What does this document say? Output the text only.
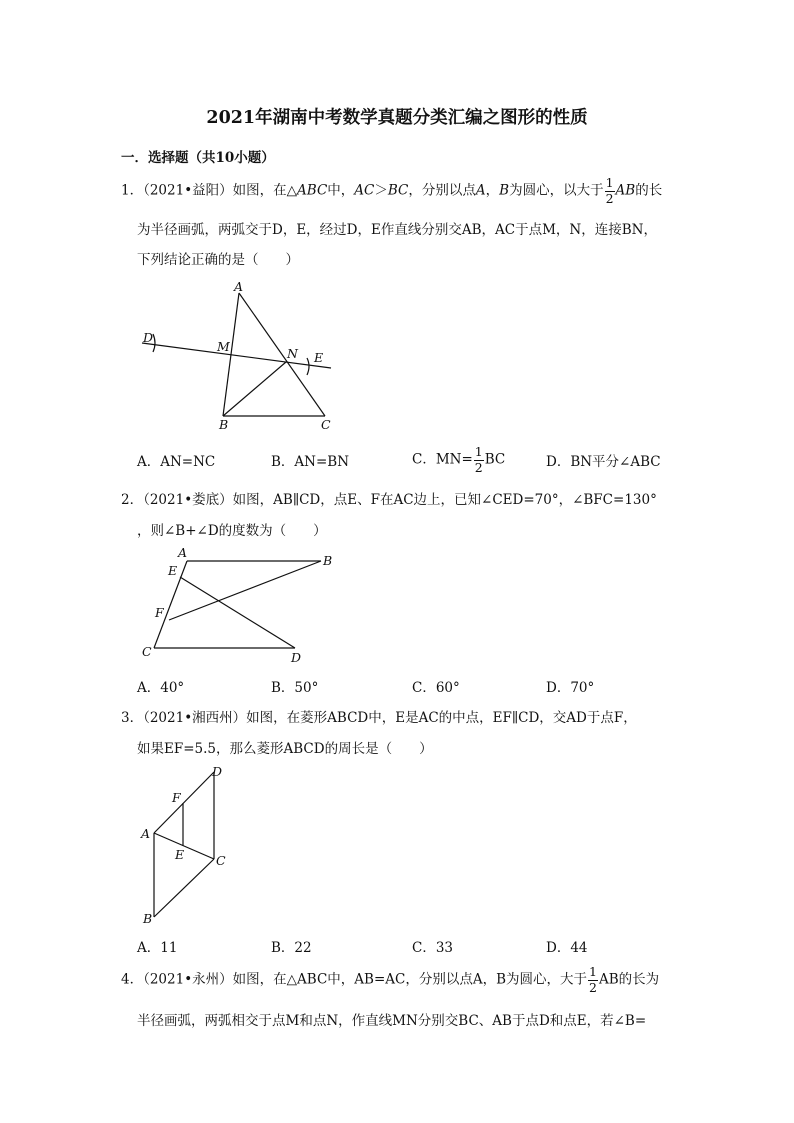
2021年湖南中考数学真题分类汇编之图形的性质
一．选择题（共10小题）
1．（2021•益阳）如图，在△ABC中，AC＞BC，分别以点A，B为圆心，以大于 $\frac{1}{2}$ AB的长
为半径画弧，两弧交于D，E，经过D，E作直线分别交AB，AC于点M，N，连接BN，
下列结论正确的是（　　）
A
B	C
D
E
M	N
A．AN=NC	B．AN=BN	C．$MN= \frac{1}{2}$ BC	D．BN平分∠ABC
2．（2021•娄底）如图，AB∥CD，点E、F在AC边上，已知∠CED=70°，∠BFC=130°
，则∠B+∠D的度数为（　　）
A
B
C	D
E
F
A．40°	B．50°	C．60°	D．70°
3．（2021•湘西州）如图，在菱形ABCD中，E是AC的中点，EF∥CD，交AD于点F，
如果EF=5.5，那么菱形ABCD的周长是（　　）
D
F
A
E	C
B
A．11	B．22	C．33	D．44
4．（2021•永州）如图，在△ABC中，AB=AC，分别以点A，B为圆心，大于 $\frac{1}{2}$ AB的长为
半径画弧，两弧相交于点M和点N，作直线MN分别交BC、AB于点D和点E，若∠B=
